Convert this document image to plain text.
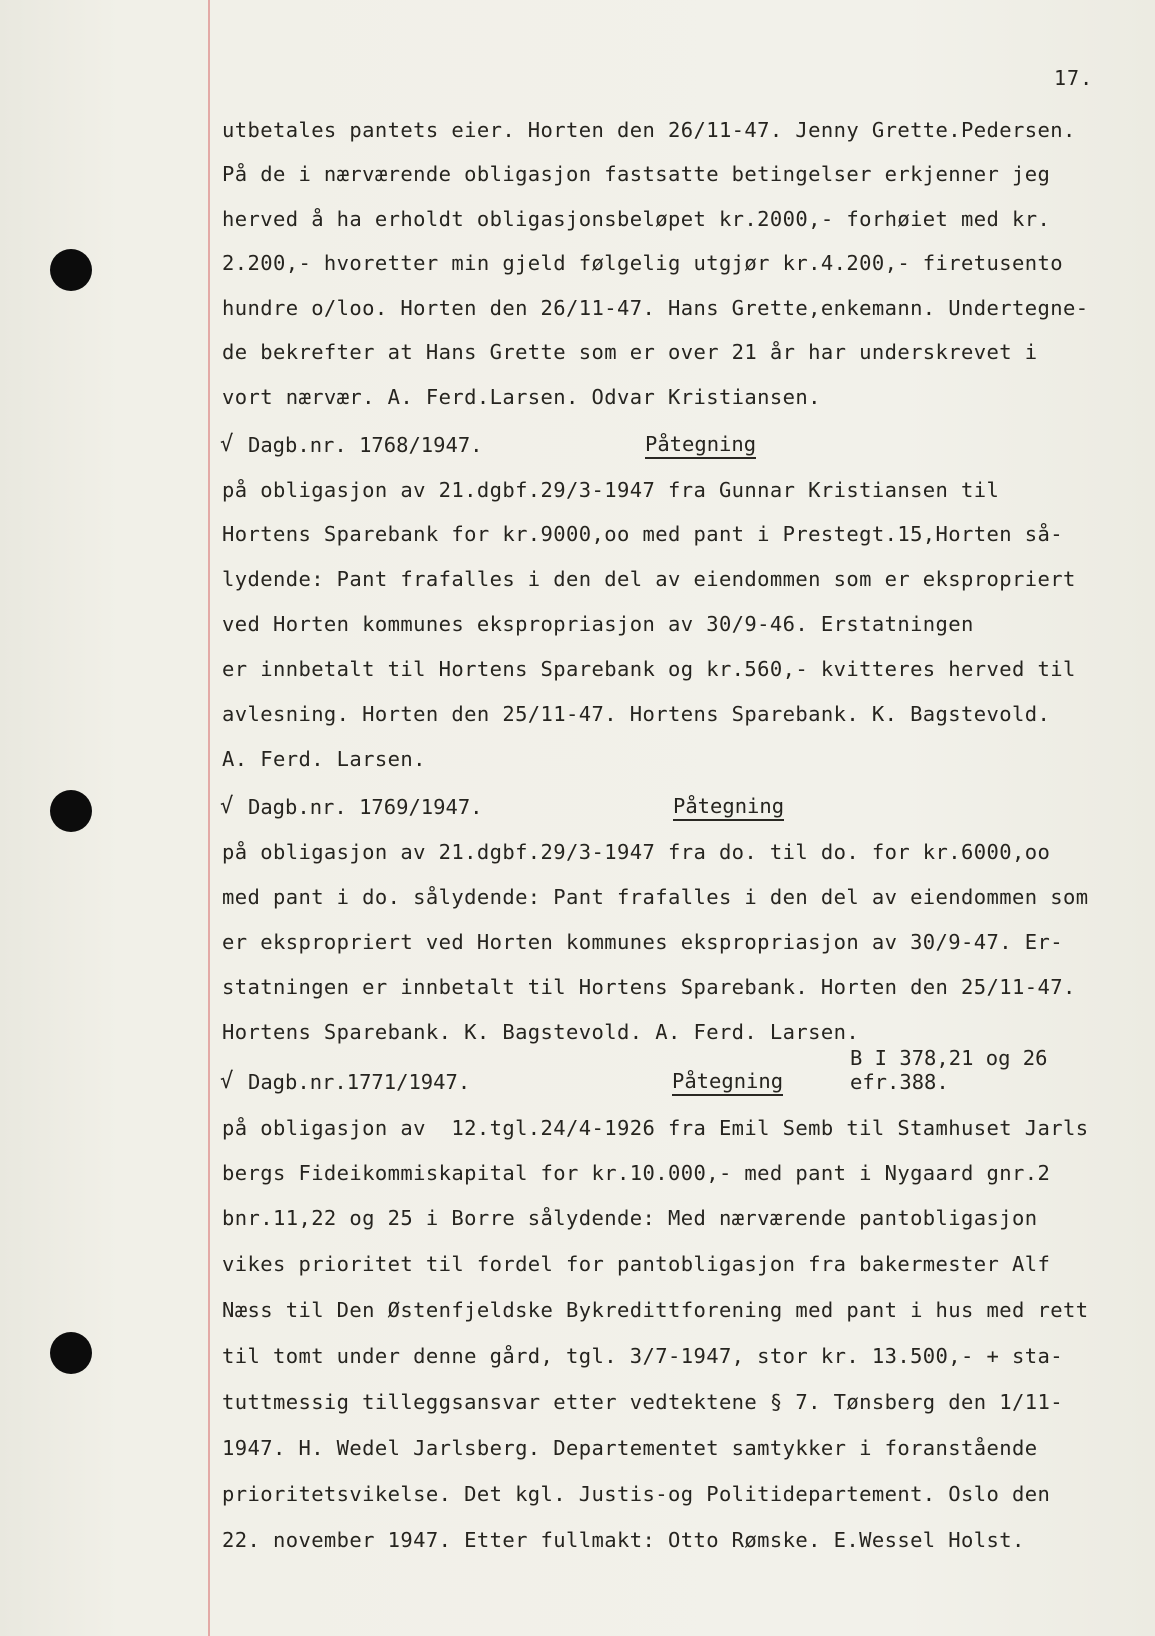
17.
utbetales pantets eier. Horten den 26/11-47. Jenny Grette.Pedersen.
På de i nærværende obligasjon fastsatte betingelser erkjenner jeg
herved å ha erholdt obligasjonsbeløpet kr.2000,- forhøiet med kr.
2.200,- hvoretter min gjeld følgelig utgjør kr.4.200,- firetusento
hundre o/loo. Horten den 26/11-47. Hans Grette,enkemann. Undertegne-
de bekrefter at Hans Grette som er over 21 år har underskrevet i
vort nærvær. A. Ferd.Larsen. Odvar Kristiansen.
√ Dagb.nr. 1768/1947.	Påtegning
på obligasjon av 21.dgbf.29/3-1947 fra Gunnar Kristiansen til
Hortens Sparebank for kr.9000,oo med pant i Prestegt.15,Horten så-
lydende: Pant frafalles i den del av eiendommen som er ekspropriert
ved Horten kommunes ekspropriasjon av 30/9-46. Erstatningen
er innbetalt til Hortens Sparebank og kr.560,- kvitteres herved til
avlesning. Horten den 25/11-47. Hortens Sparebank. K. Bagstevold.
A. Ferd. Larsen.
√ Dagb.nr. 1769/1947.	Påtegning
på obligasjon av 21.dgbf.29/3-1947 fra do. til do. for kr.6000,oo
med pant i do. sålydende: Pant frafalles i den del av eiendommen som
er ekspropriert ved Horten kommunes ekspropriasjon av 30/9-47. Er-
statningen er innbetalt til Hortens Sparebank. Horten den 25/11-47.
Hortens Sparebank. K. Bagstevold. A. Ferd. Larsen.
B I 378,21 og 26
√ Dagb.nr.1771/1947.	Påtegning	efr.388.
på obligasjon av  12.tgl.24/4-1926 fra Emil Semb til Stamhuset Jarls
bergs Fideikommiskapital for kr.10.000,- med pant i Nygaard gnr.2
bnr.11,22 og 25 i Borre sålydende: Med nærværende pantobligasjon
vikes prioritet til fordel for pantobligasjon fra bakermester Alf
Næss til Den Østenfjeldske Bykredittforening med pant i hus med rett
til tomt under denne gård, tgl. 3/7-1947, stor kr. 13.500,- + sta-
tuttmessig tilleggsansvar etter vedtektene § 7. Tønsberg den 1/11-
1947. H. Wedel Jarlsberg. Departementet samtykker i foranstående
prioritetsvikelse. Det kgl. Justis-og Politidepartement. Oslo den
22. november 1947. Etter fullmakt: Otto Rømske. E.Wessel Holst.
